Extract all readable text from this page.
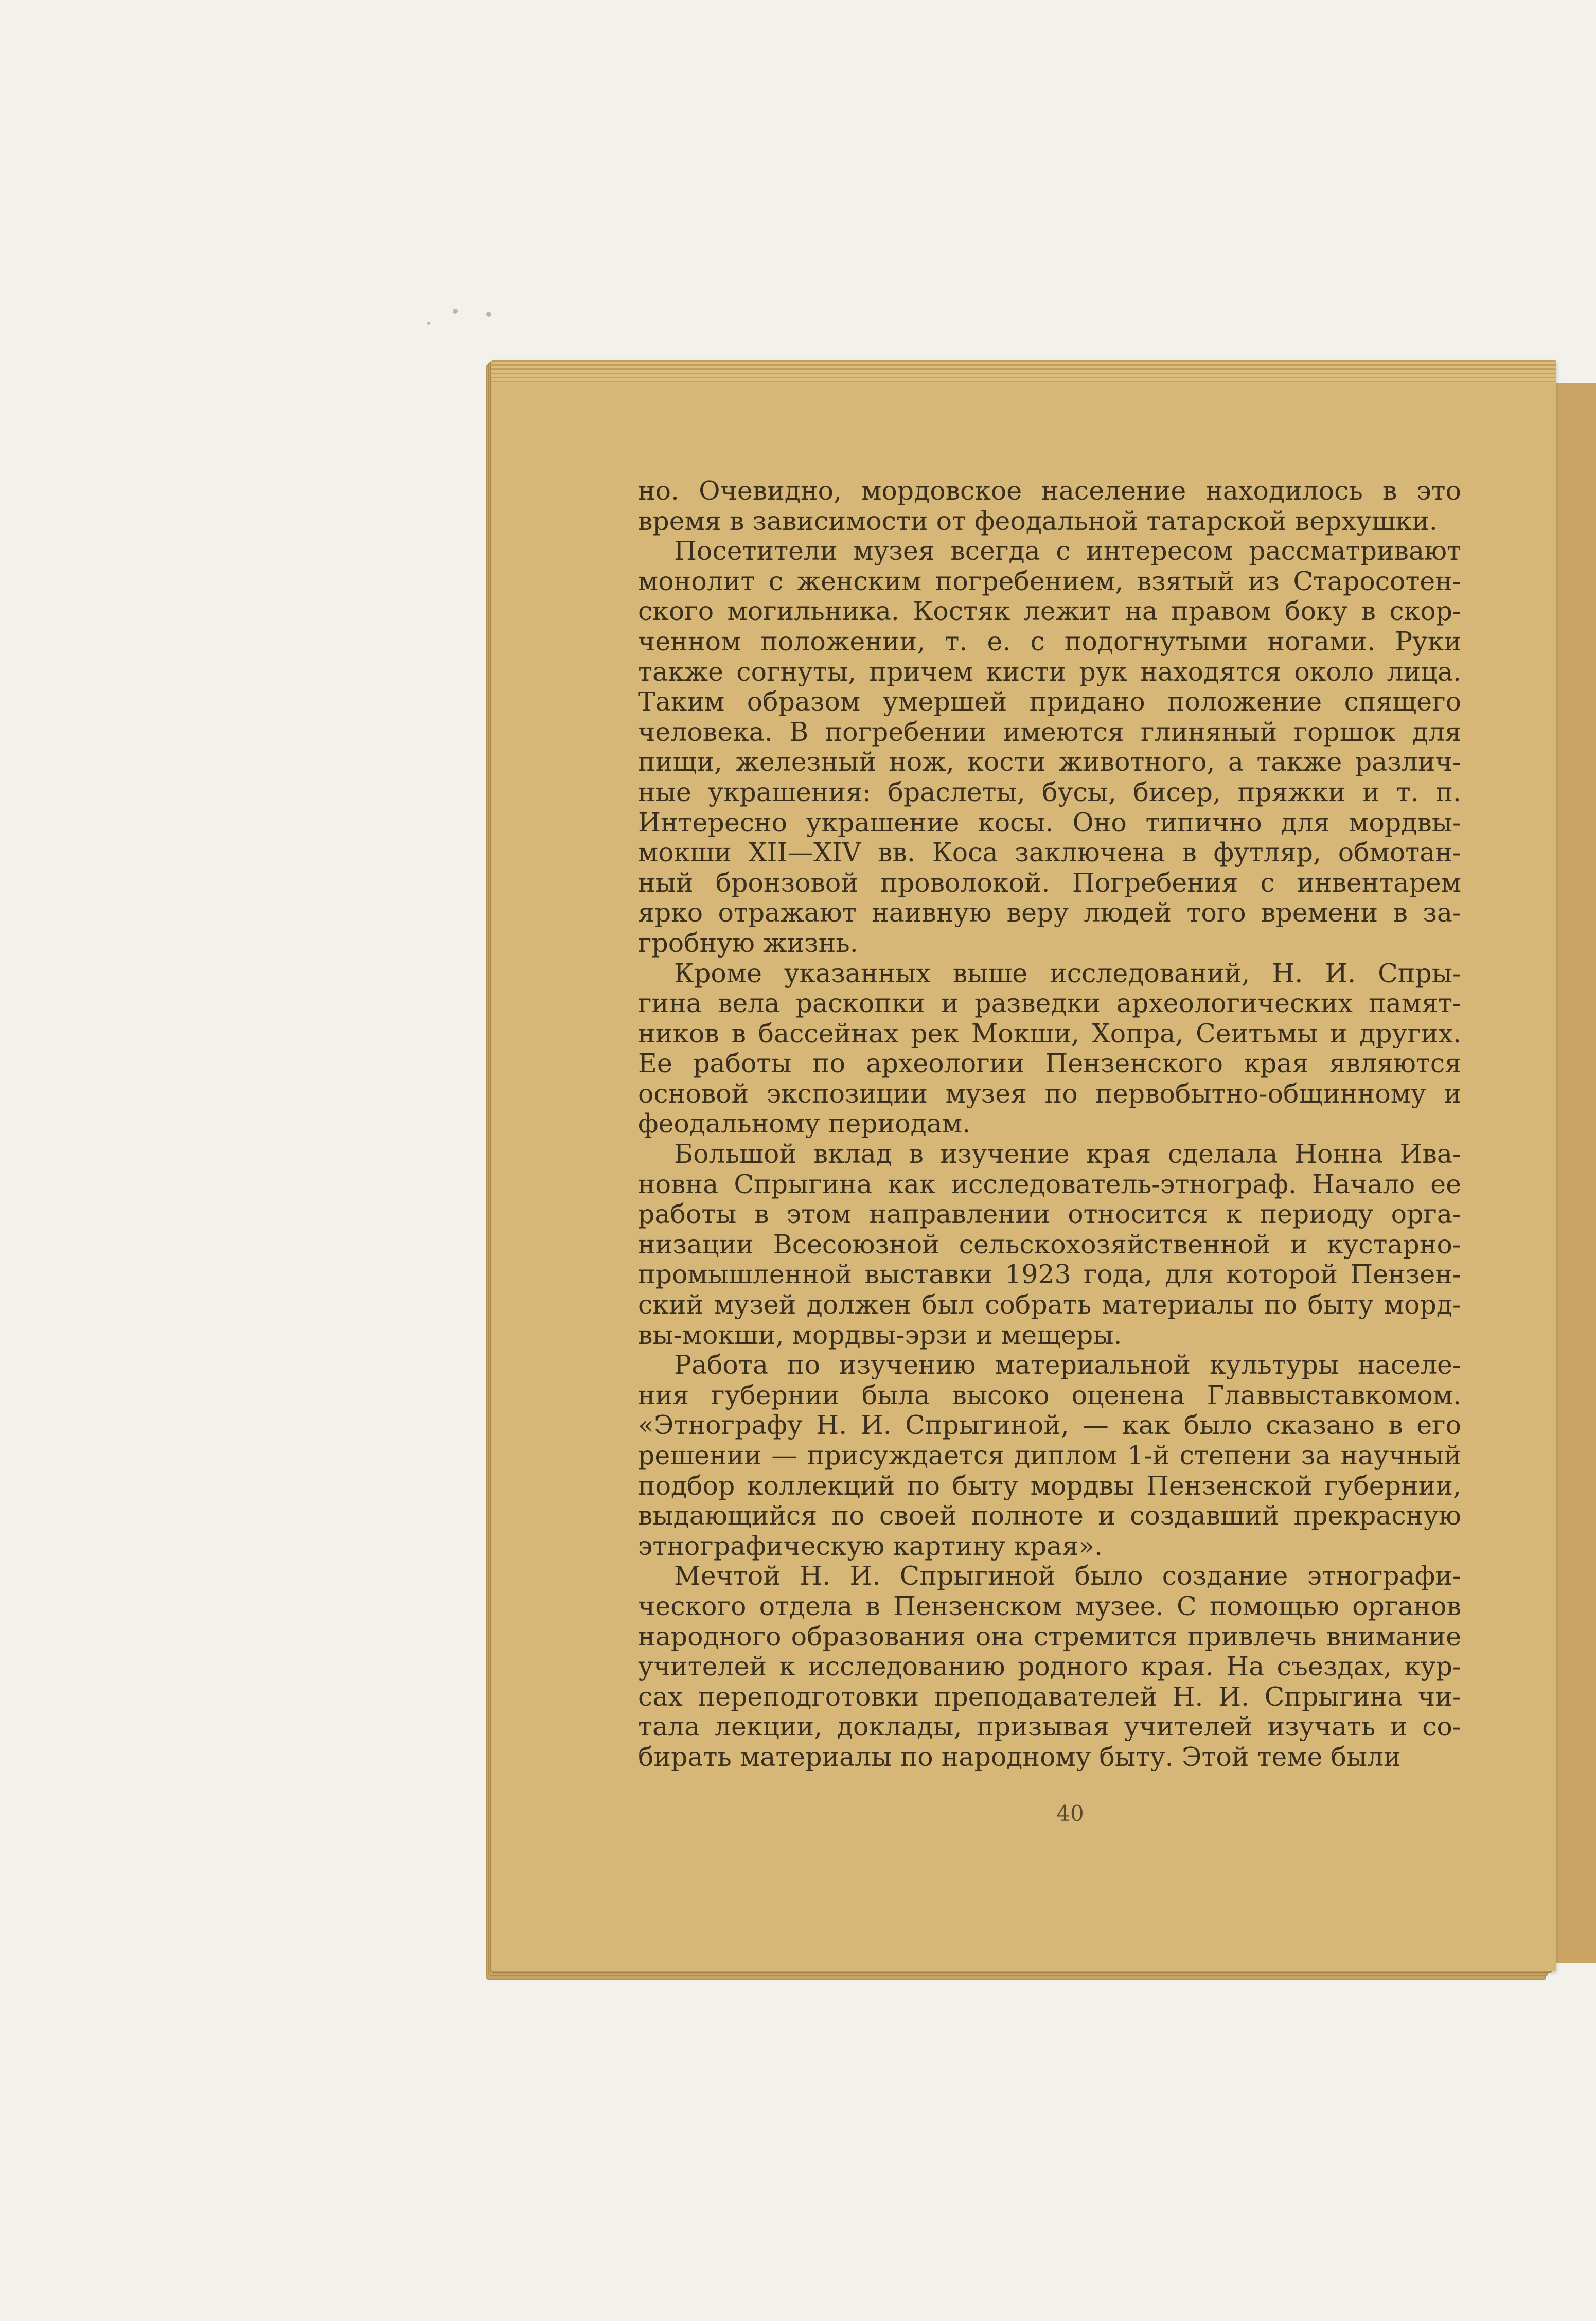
но. Очевидно, мордовское население находилось в это
время в зависимости от феодальной татарской верхушки.
Посетители музея всегда с интересом рассматривают
монолит с женским погребением, взятый из Старосотен-
ского могильника. Костяк лежит на правом боку в скор-
ченном положении, т. е. с подогнутыми ногами. Руки
также согнуты, причем кисти рук находятся около лица.
Таким образом умершей придано положение спящего
человека. В погребении имеются глиняный горшок для
пищи, железный нож, кости животного, а также различ-
ные украшения: браслеты, бусы, бисер, пряжки и т. п.
Интересно украшение косы. Оно типично для мордвы-
мокши XII—XIV вв. Коса заключена в футляр, обмотан-
ный бронзовой проволокой. Погребения с инвентарем
ярко отражают наивную веру людей того времени в за-
гробную жизнь.
Кроме указанных выше исследований, Н. И. Спры-
гина вела раскопки и разведки археологических памят-
ников в бассейнах рек Мокши, Хопра, Сеитьмы и других.
Ее работы по археологии Пензенского края являются
основой экспозиции музея по первобытно-общинному и
феодальному периодам.
Большой вклад в изучение края сделала Нонна Ива-
новна Спрыгина как исследователь-этнограф. Начало ее
работы в этом направлении относится к периоду орга-
низации Всесоюзной сельскохозяйственной и кустарно-
промышленной выставки 1923 года, для которой Пензен-
ский музей должен был собрать материалы по быту морд-
вы-мокши, мордвы-эрзи и мещеры.
Работа по изучению материальной культуры населе-
ния губернии была высоко оценена Главвыставкомом.
«Этнографу Н. И. Спрыгиной, — как было сказано в его
решении — присуждается диплом 1-й степени за научный
подбор коллекций по быту мордвы Пензенской губернии,
выдающийся по своей полноте и создавший прекрасную
этнографическую картину края».
Мечтой Н. И. Спрыгиной было создание этнографи-
ческого отдела в Пензенском музее. С помощью органов
народного образования она стремится привлечь внимание
учителей к исследованию родного края. На съездах, кур-
сах переподготовки преподавателей Н. И. Спрыгина чи-
тала лекции, доклады, призывая учителей изучать и со-
бирать материалы по народному быту. Этой теме были
40
